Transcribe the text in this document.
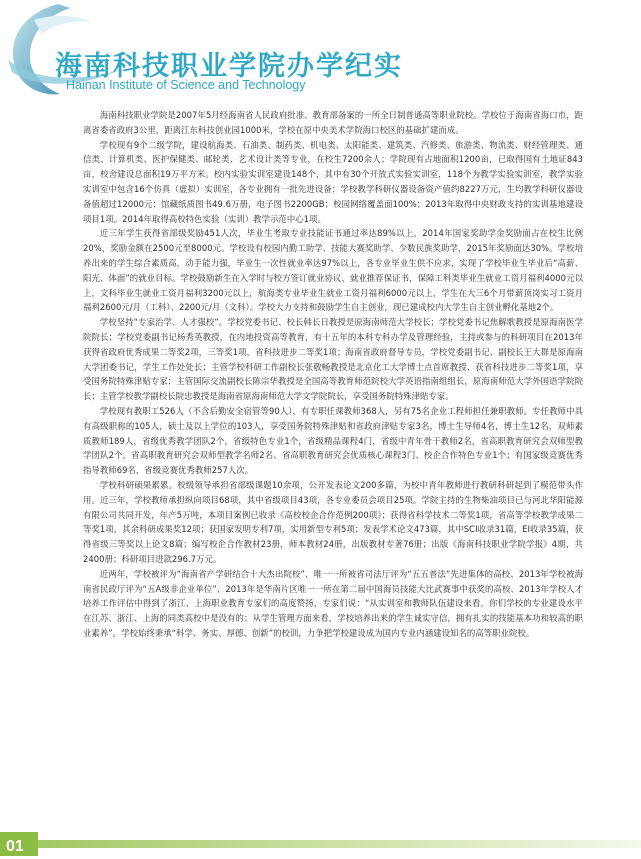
海南科技职业学院办学纪实
Hainan Institute of Science and Technology

海南科技职业学院是2007年5月经海南省人民政府批准、教育部备案的一所全日制普通高等职业院校。学校位于海南省海口市，距离省委省政府3公里，距离江东科技创业园1000米，学校在原中央美术学院海口校区的基础扩建而成。

学校现有9个二级学院，建设航海类、石油类、制药类、机电类、太阳能类、建筑类、汽修类、旅游类、物流类、财经管理类、通信类、计算机类、医护保健类、邮轮类、艺术设计类等专业，在校生7200余人；学院现有占地面积1200亩，已取得国有土地证843亩，校舍建设总面积19万平方米。校内实验实训室建设148个，其中有30个开放式实验实训室，118个为教学实验实训室，教学实验实训室中包含16个仿真（虚拟）实训室，各专业拥有一批先进设备；学校教学科研仪器设备资产值约8227万元，生均教学科研仪器设备值超过12000元；馆藏纸质图书49.6万册，电子图书2200GB；校园网络覆盖面100%；2013年取得中央财政支持的实训基地建设项目1项。2014年取得高校特色实验（实训）教学示范中心1项。

近三年学生获得省部级奖励451人次，毕业生考取专业技能证书通过率达89%以上，2014年国家奖助学金奖励面占在校生比例20%，奖励金额在2500元至8000元。学校设有校园内勤工助学、技能大赛奖助学、少数民族奖助学，2015年奖励面达30%。学校培养出来的学生综合素质高，动手能力强，毕业生一次性就业率达97%以上，各专业毕业生供不应求，实现了学校毕业生毕业后“高薪、阳光、体面”的就业目标。学校鼓励新生在入学时与校方签订就业协议、就业推荐保证书，保障工科类毕业生就业工资月福利4000元以上，文科毕业生就业工资月福利3200元以上，航海类专业毕业生就业工资月福利6000元以上，学生在大三6个月带薪顶岗实习工资月福利2600元/月（工科）、2200元/月（文科）。学校大力支持和鼓励学生自主创业，现已建成校内大学生自主创业孵化基地2个。

学校坚持“专家治学、人才强校”。学校党委书记、校长韩长日教授是原海南师范大学校长；学校党委书记焦解歌教授是原海南医学院院长；学校党委副书记杨秀英教授，在内地投资高等教育，有十五年的本科专科办学及管理经验，主持或参与的科研项目在2013年获得省政府优秀成果二等奖2项，三等奖1项，省科技进步二等奖1项；海南省政府督导专员，学校党委副书记、副校长王大群是原海南大学团委书记，学生工作处处长；主管学校科研工作副校长张敬畅教授是北京化工大学博士点首席教授、获省科技进步二等奖1项，享受国务院特殊津贴专家；主管国际交流副校长陈宗华教授是全国高等教育师范院校大学英语指南组组长，原海南师范大学外国语学院院长；主管学校教学副校长院忠教授是海南省原海南师范大学文学院院长，享受国务院特殊津贴专家。

学校现有教职工526人（不含后勤安全宿管等90人），有专职任课教师368人，另有75名企业工程师担任兼职教师。专任教师中具有高级职称的105人，硕士及以上学位的103人，享受国务院特殊津贴和省政府津贴专家3名，博士生导师4名，博士生12名，双师素质教师189人，省级优秀教学团队2个，省级特色专业1个，省级精品课程4门，省级中青年骨干教师2名，省高职教育研究会双师型教学团队2个，省高职教育研究会双师型教学名师2名、省高职教育研究会优质核心课程3门、校企合作特色专业1个；有国家级竞赛优秀指导教师69名，省级竞赛优秀教师257人次。

学校科研硕果累累。校级领导承担省部级课题10余项，公开发表论文200多篇，为校中青年教师进行教研科研起到了模范带头作用。近三年，学校教师承担纵向项目68项，其中省级项目43项，各专业委员会项目25项。学院主持的生物柴油项目已与河北华阳能源有限公司共同开发，年产5万吨，本项目案例已收录《高校校企合作范例200项》；获得省科学技术二等奖1项，省高等学校教学成果二等奖1项，其余科研成果奖12项；获国家发明专利7项，实用新型专利5项；发表学术论文473篇，其中SCI收录31篇，EI收录35篇，获得省级三等奖以上论文8篇；编写校企合作教材23册，师本教材24册，出版教材专著76册；出版《海南科技职业学院学报》4期，共2400册；科研项目进款296.7万元。

近两年，学校被评为“海南省产学研结合十大杰出院校”、唯一一所被省司法厅评为“五五普法”先进集体的高校、2013年学校被海南省民政厅评为“五A级非企业单位”、2013年是华南片区唯一一所在第二届中国海员技能大比武赛事中获奖的高校、2013年学校人才培养工作评估中得到了浙江、上海职业教育专家们的高度赞扬，专家们说：“从实训室和教师队伍建设来看，你们学校的专业建设水平在江苏、浙江、上海的同类高校中是没有的；从学生管理方面来看，学校培养出来的学生诚实守信，拥有扎实的技能基本功和较高的职业素养”。学校始终秉承“科学、务实、厚德、创新”的校训，力争把学校建设成为国内专业内涵建设知名的高等职业院校。

01
